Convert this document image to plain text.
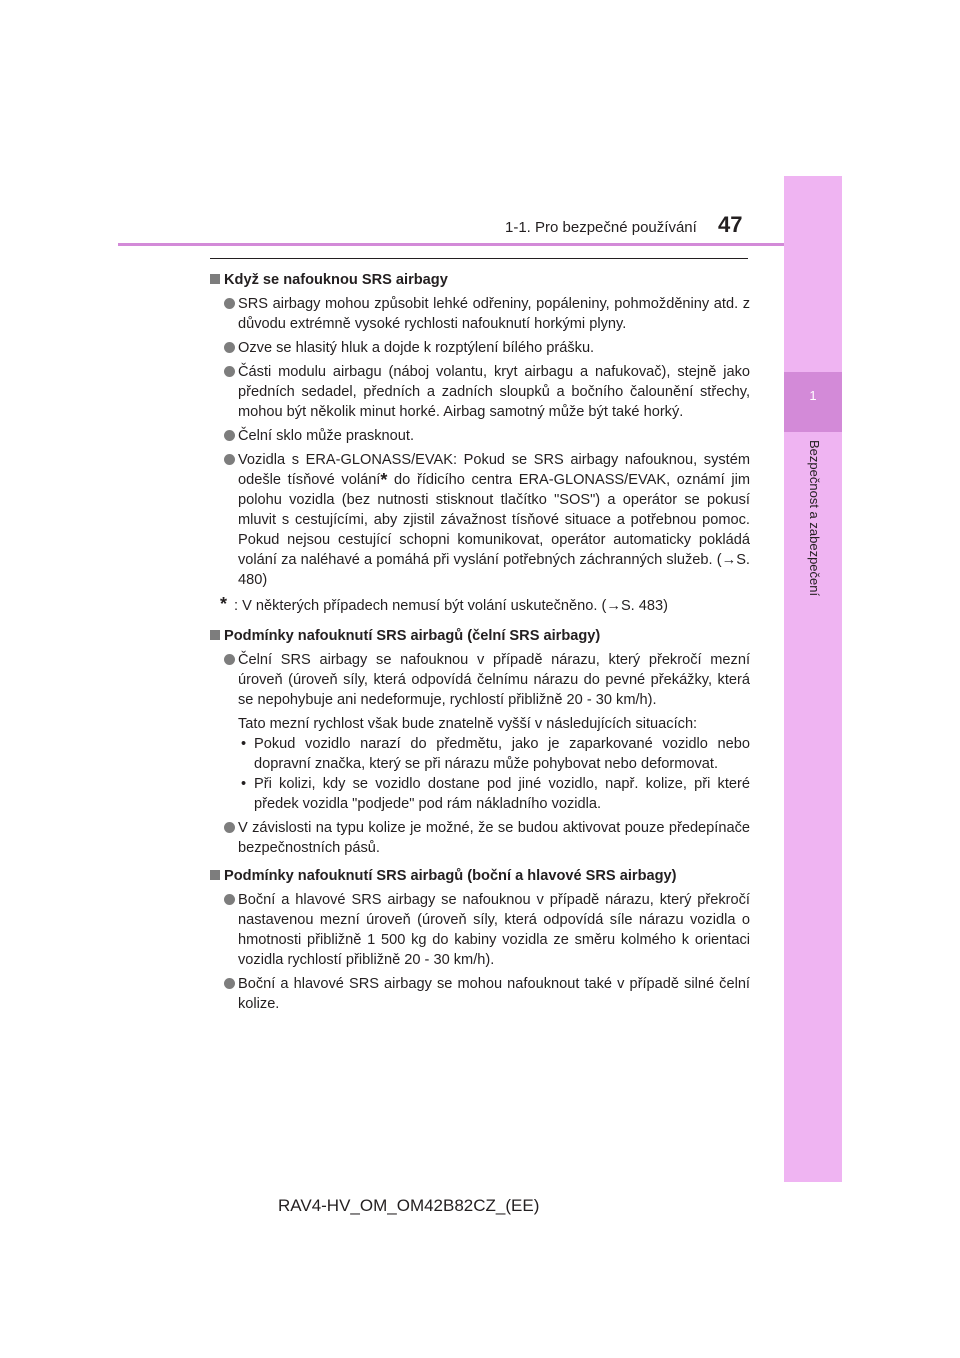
1
Bezpečnost a zabezpečení
1-1. Pro bezpečné používání 47
Když se nafouknou SRS airbagy
SRS airbagy mohou způsobit lehké odřeniny, popáleniny, pohmožděniny atd. z důvodu extrémně vysoké rychlosti nafouknutí horkými plyny.
Ozve se hlasitý hluk a dojde k rozptýlení bílého prášku.
Části modulu airbagu (náboj volantu, kryt airbagu a nafukovač), stejně jako předních sedadel, předních a zadních sloupků a bočního čalounění střechy, mohou být několik minut horké. Airbag samotný může být také horký.
Čelní sklo může prasknout.
Vozidla s ERA-GLONASS/EVAK: Pokud se SRS airbagy nafouknou, systém odešle tísňové volání* do řídicího centra ERA-GLONASS/EVAK, oznámí jim polohu vozidla (bez nutnosti stisknout tlačítko "SOS") a operátor se pokusí mluvit s cestujícími, aby zjistil závažnost tísňové situace a potřebnou pomoc. Pokud nejsou cestující schopni komunikovat, operátor automaticky pokládá volání za naléhavé a pomáhá při vyslání potřebných záchranných služeb. (→S. 480)
* : V některých případech nemusí být volání uskutečněno. (→S. 483)
Podmínky nafouknutí SRS airbagů (čelní SRS airbagy)
Čelní SRS airbagy se nafouknou v případě nárazu, který překročí mezní úroveň (úroveň síly, která odpovídá čelnímu nárazu do pevné překážky, která se nepohybuje ani nedeformuje, rychlostí přibližně 20 - 30 km/h).
Tato mezní rychlost však bude znatelně vyšší v následujících situacích:
• Pokud vozidlo narazí do předmětu, jako je zaparkované vozidlo nebo dopravní značka, který se při nárazu může pohybovat nebo deformovat.
• Při kolizi, kdy se vozidlo dostane pod jiné vozidlo, např. kolize, při které předek vozidla "podjede" pod rám nákladního vozidla.
V závislosti na typu kolize je možné, že se budou aktivovat pouze předepínače bezpečnostních pásů.
Podmínky nafouknutí SRS airbagů (boční a hlavové SRS airbagy)
Boční a hlavové SRS airbagy se nafouknou v případě nárazu, který překročí nastavenou mezní úroveň (úroveň síly, která odpovídá síle nárazu vozidla o hmotnosti přibližně 1 500 kg do kabiny vozidla ze směru kolmého k orientaci vozidla rychlostí přibližně 20 - 30 km/h).
Boční a hlavové SRS airbagy se mohou nafouknout také v případě silné čelní kolize.
RAV4-HV_OM_OM42B82CZ_(EE)
